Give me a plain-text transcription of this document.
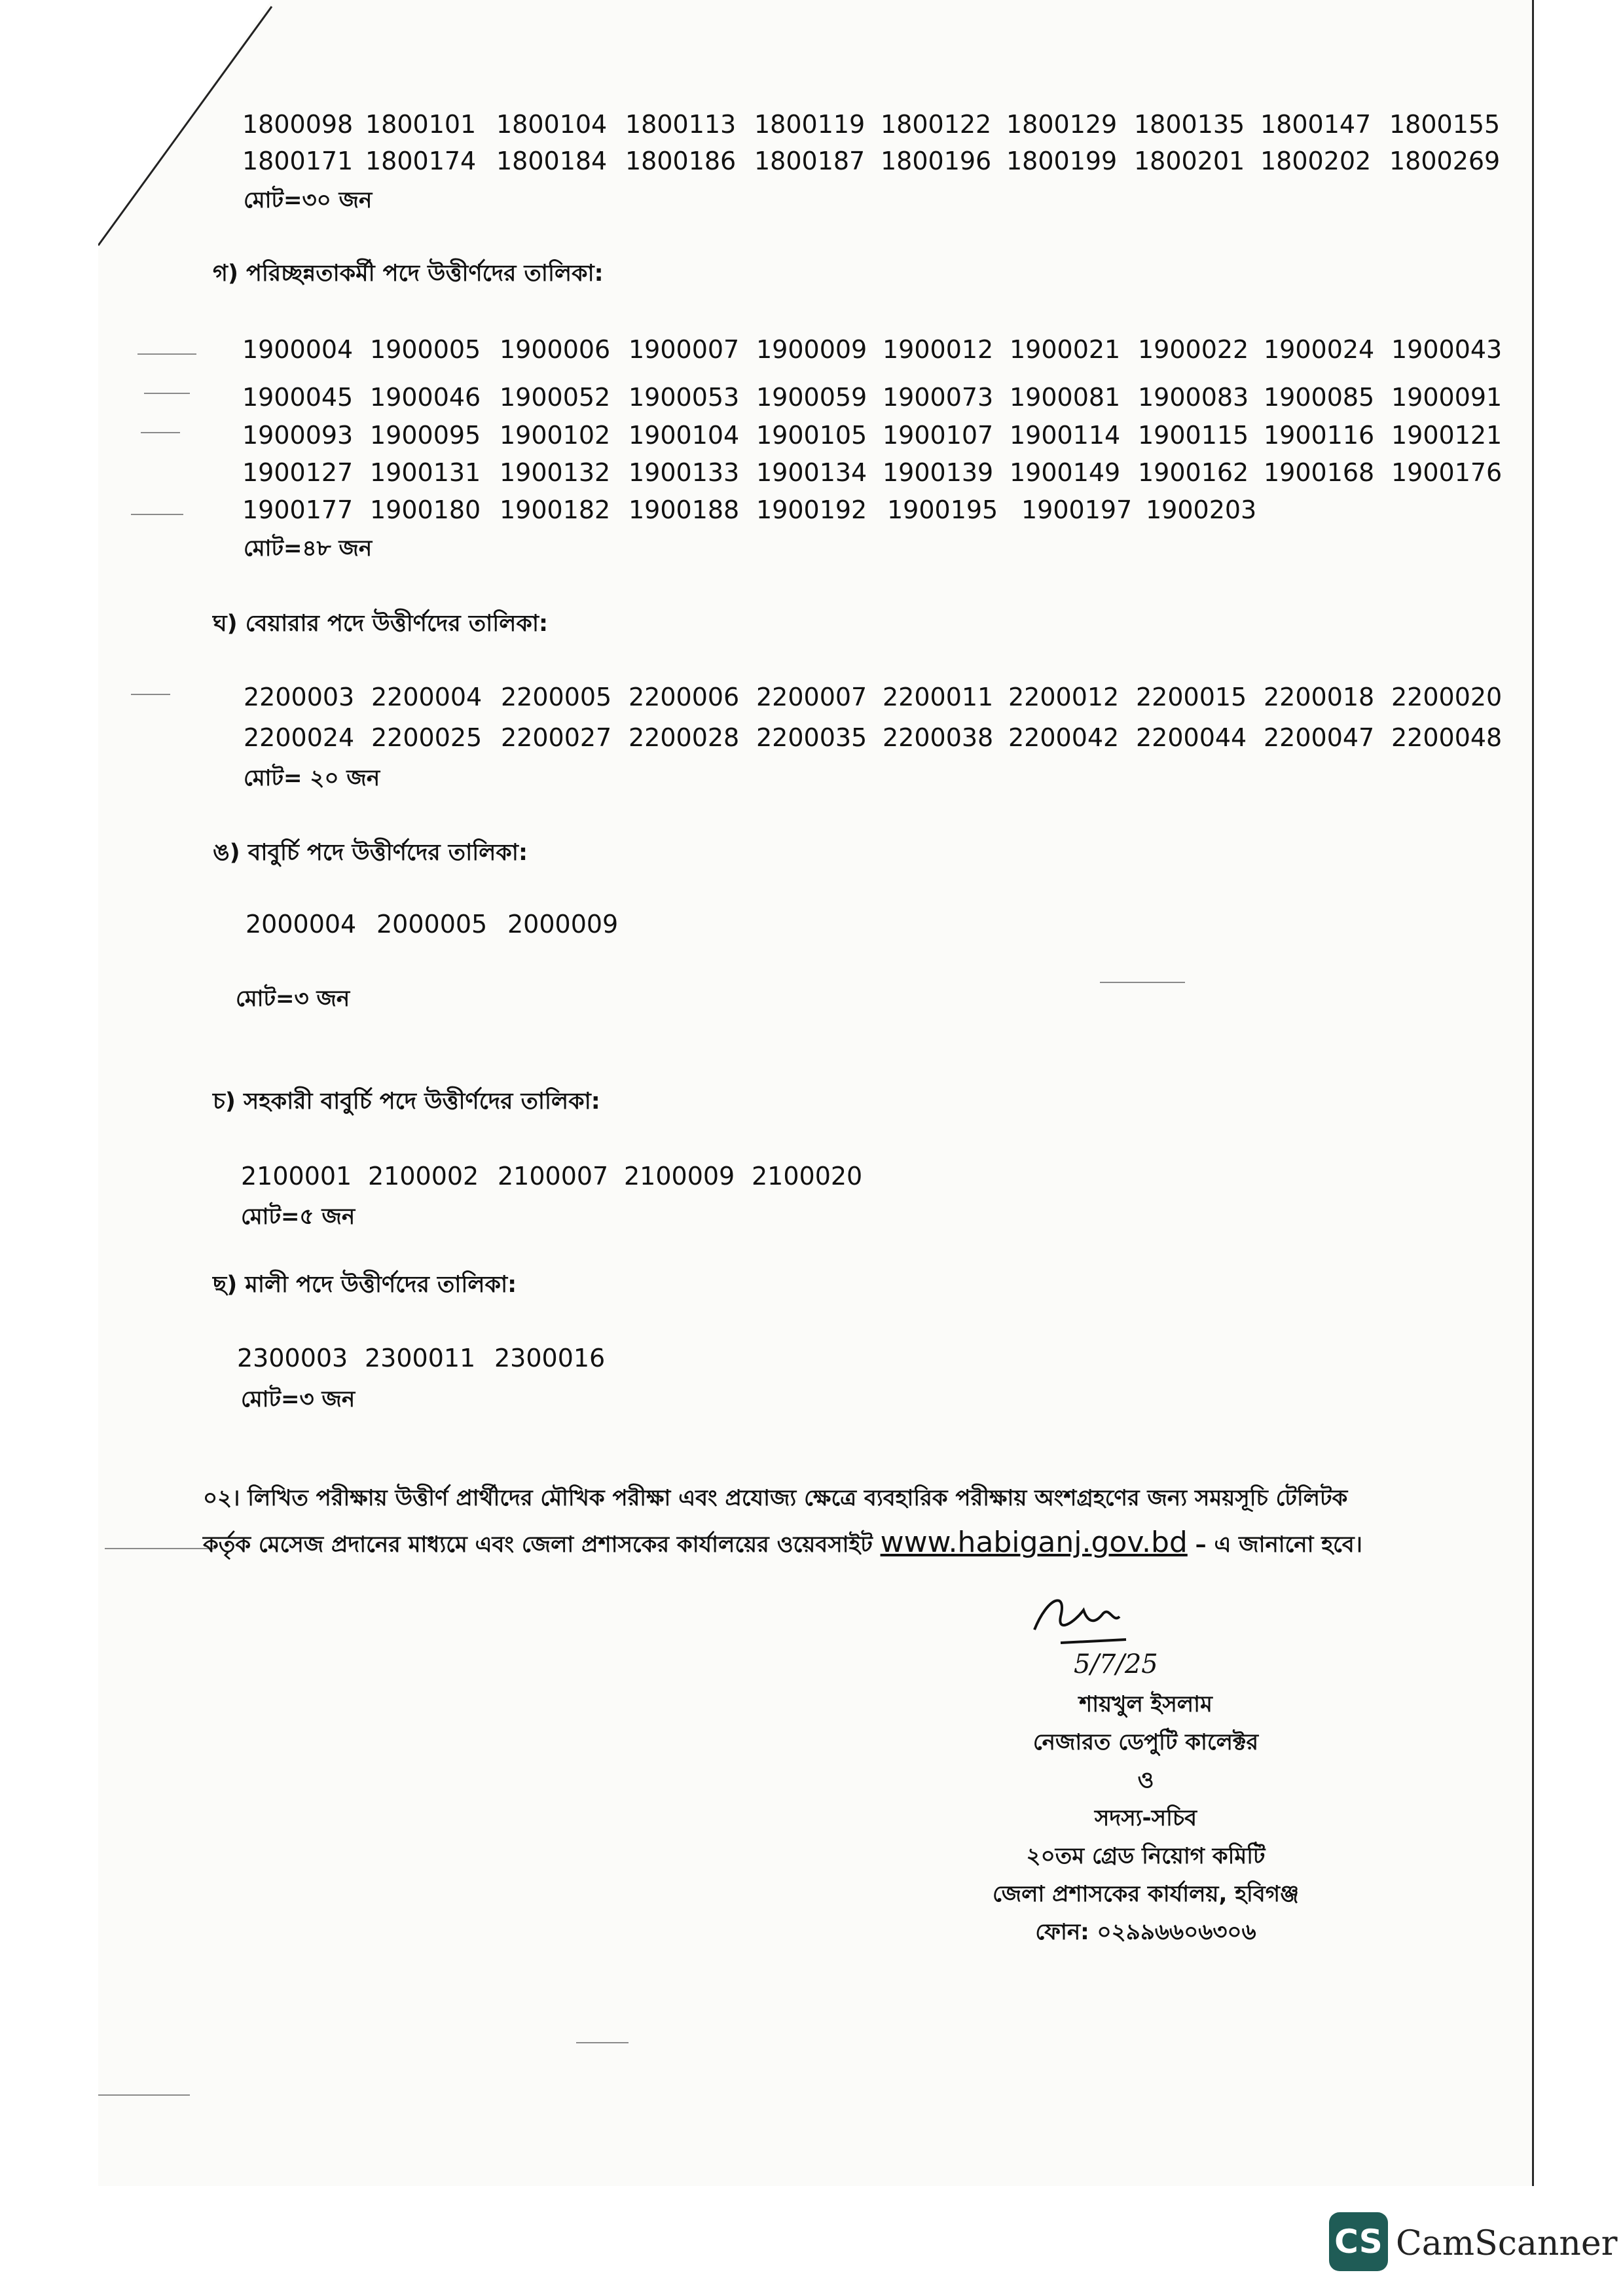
1800098 1800101 1800104 1800113 1800119 1800122 1800129 1800135 1800147 1800155
1800171 1800174 1800184 1800186 1800187 1800196 1800199 1800201 1800202 1800269
মোট=৩০ জন
গ) পরিচ্ছন্নতাকর্মী পদে উত্তীর্ণদের তালিকা:
1900004 1900005 1900006 1900007 1900009 1900012 1900021 1900022 1900024 1900043
1900045 1900046 1900052 1900053 1900059 1900073 1900081 1900083 1900085 1900091
1900093 1900095 1900102 1900104 1900105 1900107 1900114 1900115 1900116 1900121
1900127 1900131 1900132 1900133 1900134 1900139 1900149 1900162 1900168 1900176
1900177 1900180 1900182 1900188 1900192 1900195 1900197 1900203
মোট=৪৮ জন
ঘ) বেয়ারার পদে উত্তীর্ণদের তালিকা:
2200003 2200004 2200005 2200006 2200007 2200011 2200012 2200015 2200018 2200020
2200024 2200025 2200027 2200028 2200035 2200038 2200042 2200044 2200047 2200048
মোট= ২০ জন
ঙ) বাবুর্চি পদে উত্তীর্ণদের তালিকা:
2000004 2000005 2000009
মোট=৩ জন
চ) সহকারী বাবুর্চি পদে উত্তীর্ণদের তালিকা:
2100001 2100002 2100007 2100009 2100020
মোট=৫ জন
ছ) মালী পদে উত্তীর্ণদের তালিকা:
2300003 2300011 2300016
মোট=৩ জন
০২। লিখিত পরীক্ষায় উত্তীর্ণ প্রার্থীদের মৌখিক পরীক্ষা এবং প্রযোজ্য ক্ষেত্রে ব্যবহারিক পরীক্ষায় অংশগ্রহণের জন্য সময়সূচি টেলিটক কর্তৃক মেসেজ প্রদানের মাধ্যমে এবং জেলা প্রশাসকের কার্যালয়ের ওয়েবসাইট www.habiganj.gov.bd – এ জানানো হবে।
5/7/25
শায়খুল ইসলাম
নেজারত ডেপুটি কালেক্টর
ও
সদস্য-সচিব
২০তম গ্রেড নিয়োগ কমিটি
জেলা প্রশাসকের কার্যালয়, হবিগঞ্জ
ফোন: ০২৯৯৬৬০৬৩০৬
CS CamScanner
